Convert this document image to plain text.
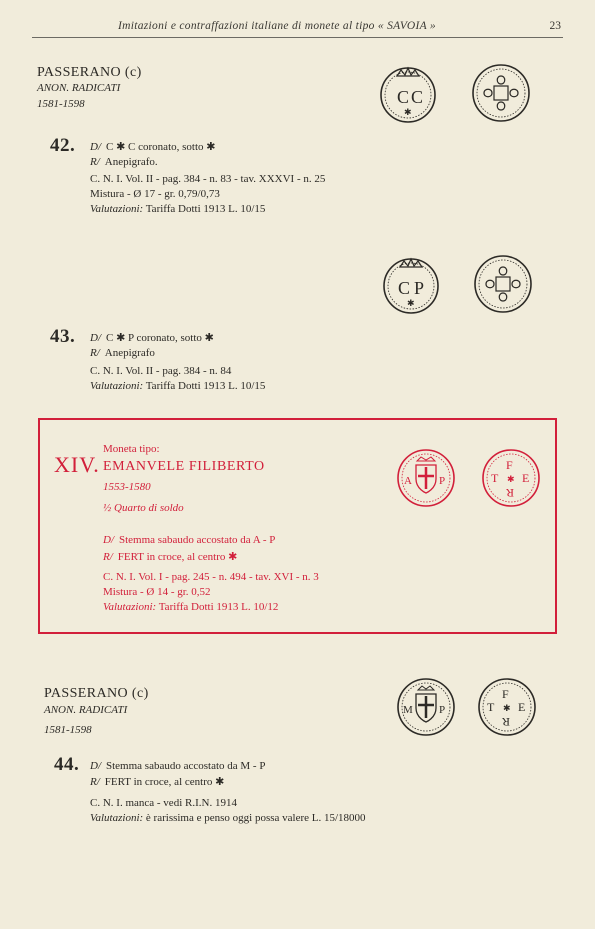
Imitazioni e contraffazioni italiane di monete al tipo « SAVOIA »	23
PASSERANO (c)
ANON. RADICATI
1581-1598	C C
✱
42. D/ C ✱ C coronato, sotto ✱
R/ Anepigrafo.
C. N. I. Vol. II - pag. 384 - n. 83 - tav. XXXVI - n. 25
Mistura - Ø 17 - gr. 0,79/0,73
Valutazioni: Tariffa Dotti 1913 L. 10/15
C P
✱
43. D/ C ✱ P coronato, sotto ✱
R/ Anepigrafo
C. N. I. Vol. II - pag. 384 - n. 84
Valutazioni: Tariffa Dotti 1913 L. 10/15
XIV.
Moneta tipo:
EMANVELE FILIBERTO
1553-1580
½ Quarto di soldo
D/ Stemma sabaudo accostato da A - P
R/ FERT in croce, al centro ✱
C. N. I. Vol. I - pag. 245 - n. 494 - tav. XVI - n. 3
Mistura - Ø 14 - gr. 0,52
Valutazioni: Tariffa Dotti 1913 L. 10/12
A P
F
R
T E
✱
PASSERANO (c)
ANON. RADICATI
1581-1598
M P
F
R
T E
✱
44. D/ Stemma sabaudo accostato da M - P
R/ FERT in croce, al centro ✱
C. N. I. manca - vedi R.I.N. 1914
Valutazioni: è rarissima e penso oggi possa valere L. 15/18000
